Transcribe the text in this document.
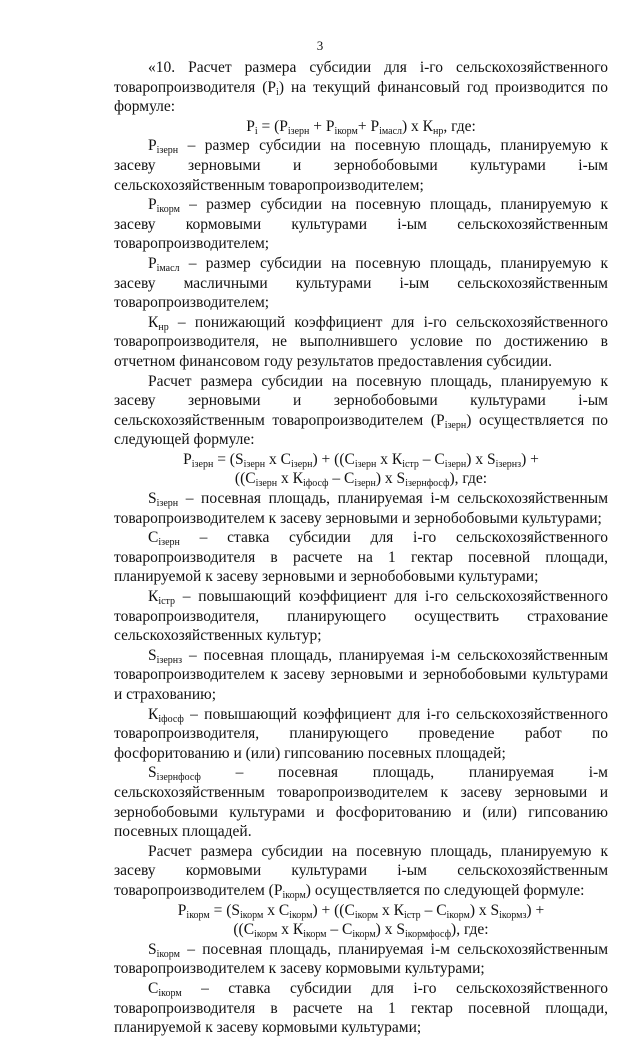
3

«10. Расчет размера субсидии для i-го сельскохозяйственного товаропроизводителя $(P_i)$ на текущий финансовый год производится по формуле:

$P_i = (P_{iзерн} + P_{iкорм}+ P_{iмасл})$ x $К_{нр}$, где:

$P_{iзерн}$ – размер субсидии на посевную площадь, планируемую к засеву зерновыми и зернобобовыми культурами i-ым сельскохозяйственным товаропроизводителем;

$P_{iкорм}$ – размер субсидии на посевную площадь, планируемую к засеву кормовыми культурами i-ым сельскохозяйственным товаропроизводителем;

$P_{iмасл}$ – размер субсидии на посевную площадь, планируемую к засеву масличными культурами i-ым сельскохозяйственным товаропроизводителем;

$К_{нр}$ – понижающий коэффициент для i-го сельскохозяйственного товаропроизводителя, не выполнившего условие по достижению в отчетном финансовом году результатов предоставления субсидии.

Расчет размера субсидии на посевную площадь, планируемую к засеву зерновыми и зернобобовыми культурами i-ым сельскохозяйственным товаропроизводителем $(P_{iзерн})$ осуществляется по следующей формуле:

$P_{iзерн} = (S_{iзерн}$ x $С_{iзерн}) + ((С_{iзерн}$ x $К_{iстр} - С_{iзерн}$) x $S_{iзернз}$) +

(($С_{iзерн}$ x $К_{iфосф} - С_{iзерн}$) x $S_{iзернфосф}$), где:

$S_{iзерн}$ – посевная площадь, планируемая i-м сельскохозяйственным товаропроизводителем к засеву зерновыми и зернобобовыми культурами;

$С_{iзерн}$ – ставка субсидии для i-го сельскохозяйственного товаропроизводителя в расчете на 1 гектар посевной площади, планируемой к засеву зерновыми и зернобобовыми культурами;

$К_{iстр}$ – повышающий коэффициент для i-го сельскохозяйственного товаропроизводителя, планирующего осуществить страхование сельскохозяйственных культур;

$S_{iзернз}$ – посевная площадь, планируемая i-м сельскохозяйственным товаропроизводителем к засеву зерновыми и зернобобовыми культурами и страхованию;

$К_{iфосф}$ – повышающий коэффициент для i-го сельскохозяйственного товаропроизводителя, планирующего проведение работ по фосфоритованию и (или) гипсованию посевных площадей;

$S_{iзернфосф}$ – посевная площадь, планируемая i-м сельскохозяйственным товаропроизводителем к засеву зерновыми и зернобобовыми культурами и фосфоритованию и (или) гипсованию посевных площадей.

Расчет размера субсидии на посевную площадь, планируемую к засеву кормовыми культурами i-ым сельскохозяйственным товаропроизводителем $(P_{iкорм})$ осуществляется по следующей формуле:

$P_{iкорм} = (S_{iкорм}$ x $С_{iкорм}) + ((С_{iкорм}$ x $К_{iстр} - С_{iкорм}$) x $S_{iкормз}$) +

(($С_{iкорм}$ x $К_{iкорм} - С_{iкорм}$) x $S_{iкормфосф}$), где:

$S_{iкорм}$ – посевная площадь, планируемая i-м сельскохозяйственным товаропроизводителем к засеву кормовыми культурами;

$С_{iкорм}$ – ставка субсидии для i-го сельскохозяйственного товаропроизводителя в расчете на 1 гектар посевной площади, планируемой к засеву кормовыми культурами;
